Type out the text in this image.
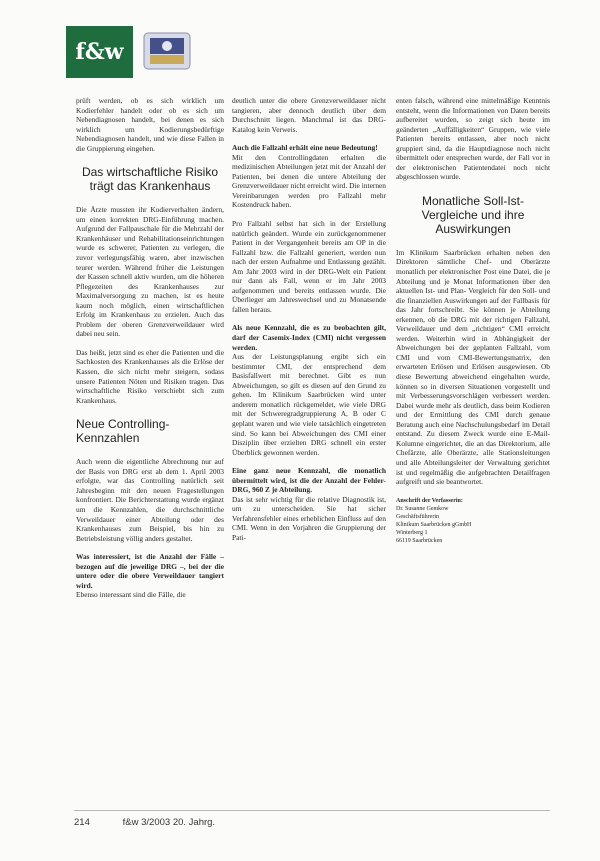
f&w

prüft werden, ob es sich wirklich um Kodierfehler handelt oder ob es sich um Nebendiagnosen handelt, bei denen es sich wirklich um Kodierungsbedürftige Nebendiagnosen handelt, und wie diese Fallen in die Gruppierung eingehen.

Das wirtschaftliche Risiko trägt das Krankenhaus

Die Ärzte mussten ihr Kodierverhalten ändern, um einen korrekten DRG-Einführung machen. Aufgrund der Fallpauschale für die Mehrzahl der Krankenhäuser und Rehabilitationseinrichtungen wurde es schwerer, Patienten zu verlegen, die zuvor verlegungsfähig waren, aber inzwischen teurer werden. Während früher die Leistungen der Kassen schnell aktiv wurden, um die höheren Pflegezeiten des Krankenhauses zur Maximalversorgung zu machen, ist es heute kaum noch möglich, einen wirtschaftlichen Erfolg im Krankenhaus zu erzielen. Auch das Problem der oberen Grenzverweildauer wird dabei neu sein.

Das heißt, jetzt sind es eher die Patienten und die Sachkosten des Krankenhauses als die Erlöse der Kassen, die sich nicht mehr steigern, sodass unsere Patienten Nöten und Risiken tragen. Das wirtschaftliche Risiko verschiebt sich zum Krankenhaus.

Neue Controlling-Kennzahlen

Auch wenn die eigentliche Abrechnung nur auf der Basis von DRG erst ab dem 1. April 2003 erfolgte, war das Controlling natürlich seit Jahresbeginn mit den neuen Fragestellungen konfrontiert. Die Berichterstattung wurde ergänzt um die Kennzahlen, die durchschnittliche Verweildauer einer Abteilung oder des Krankenhauses zum Beispiel, bis hin zu Betriebsleistung völlig anders gestaltet.

Was interessiert, ist die Anzahl der Fälle – bezogen auf die jeweilige DRG –, bei der die untere oder die obere Verweildauer tangiert wird.

Ebenso interessant sind die Fälle, die

deutlich unter die obere Grenzverweildauer nicht tangieren, aber dennoch deutlich über dem Durchschnitt liegen. Manchmal ist das DRG-Katalog kein Verweis.

Auch die Fallzahl erhält eine neue Bedeutung!

Mit den Controllingdaten erhalten die medizinischen Abteilungen jetzt mit der Anzahl der Patienten, bei denen die untere Abteilung der Grenzverweildauer nicht erreicht wird. Die internen Vereinbarungen werden pro Fallzahl mehr Kostendruck haben.

Pro Fallzahl selbst hat sich in der Erstellung natürlich geändert. Wurde ein zurückgenommener Patient in der Vergangenheit bereits am OP in die Fallzahl bzw. die Fallzahl generiert, werden nun nach der ersten Aufnahme und Entlassung gezählt. Am Jahr 2003 wird in der DRG-Welt ein Patient nur dann als Fall, wenn er im Jahr 2003 aufgenommen und bereits entlassen wurde. Die Überlieger am Jahreswechsel und zu Monatsende fallen heraus.

Als neue Kennzahl, die es zu beobachten gilt, darf der Casemix-Index (CMI) nicht vergessen werden.

Aus der Leistungsplanung ergibt sich ein bestimmter CMI, der entsprechend dem Basisfallwert mit berechnet. Gibt es nun Abweichungen, so gilt es diesen auf den Grund zu gehen. Im Klinikum Saarbrücken wird unter anderem monatlich rückgemeldet, wie viele DRG mit der Schweregradgruppierung A, B oder C geplant waren und wie viele tatsächlich eingetreten sind. So kann bei Abweichungen des CMI einer Disziplin über erzielten DRG schnell ein erster Überblick gewonnen werden.

Eine ganz neue Kennzahl, die monatlich übermittelt wird, ist die der Anzahl der Fehler-DRG, 960 Z je Abteilung.

Das ist sehr wichtig für die relative Diagnostik ist, um zu unterscheiden. Sie hat sicher Verfahrensfehler eines erheblichen Einfluss auf den CMI. Wenn in den Vorjahren die Gruppierung der Pati-

enten falsch, während eine mittelmäßige Kenntnis entsteht, wenn die Informationen von Daten bereits aufbereitet wurden, so zeigt sich heute im geänderten „Auffälligkeiten“ Gruppen, wie viele Patienten bereits entlassen, aber noch nicht gruppiert sind, da die Hauptdiagnose noch nicht übermittelt oder entsprechen wurde, der Fall vor in der elektronischen Patientendatei noch nicht abgeschlossen wurde.

Monatliche Soll-Ist-Vergleiche und ihre Auswirkungen

Im Klinikum Saarbrücken erhalten neben den Direktoren sämtliche Chef- und Oberärzte monatlich per elektronischer Post eine Datei, die je Abteilung und je Monat Informationen über den aktuellen Ist- und Plan- Vergleich für den Soll- und die finanziellen Auswirkungen auf der Fallbasis für das Jahr fortschreibt. Sie können je Abteilung erkennen, ob die DRG mit der richtigen Fallzahl, Verweildauer und dem „richtigen“ CMI erreicht werden. Weiterhin wird in Abhängigkeit der Abweichungen bei der geplanten Fallzahl, vom CMI und vom CMI-Bewertungsmatrix, den erwarteten Erlösen und Erlösen ausgewiesen. Ob diese Bewertung abweichend eingehalten wurde, können so in diversen Situationen vorgestellt und mit Verbesserungsvorschlägen verbessert werden. Dabei wurde mehr als deutlich, dass beim Kodieren und der Ermittlung des CMI durch genaue Beratung auch eine Nachschulungsbedarf im Detail entstand. Zu diesem Zweck wurde eine E-Mail-Kolumne eingerichtet, die an das Direktorium, alle Chefärzte, alle Oberärzte, alle Stationsleitungen und alle Abteilungsleiter der Verwaltung gerichtet ist und regelmäßig die aufgebrachten Detailfragen aufgreift und sie beantwortet.

Anschrift der Verfasserin:
Dr. Susanne Gemkow
Geschäftsführerin
Klinikum Saarbrücken gGmbH
Winterberg 1
66119 Saarbrücken
214	f&w 3/2003 20. Jahrg.
